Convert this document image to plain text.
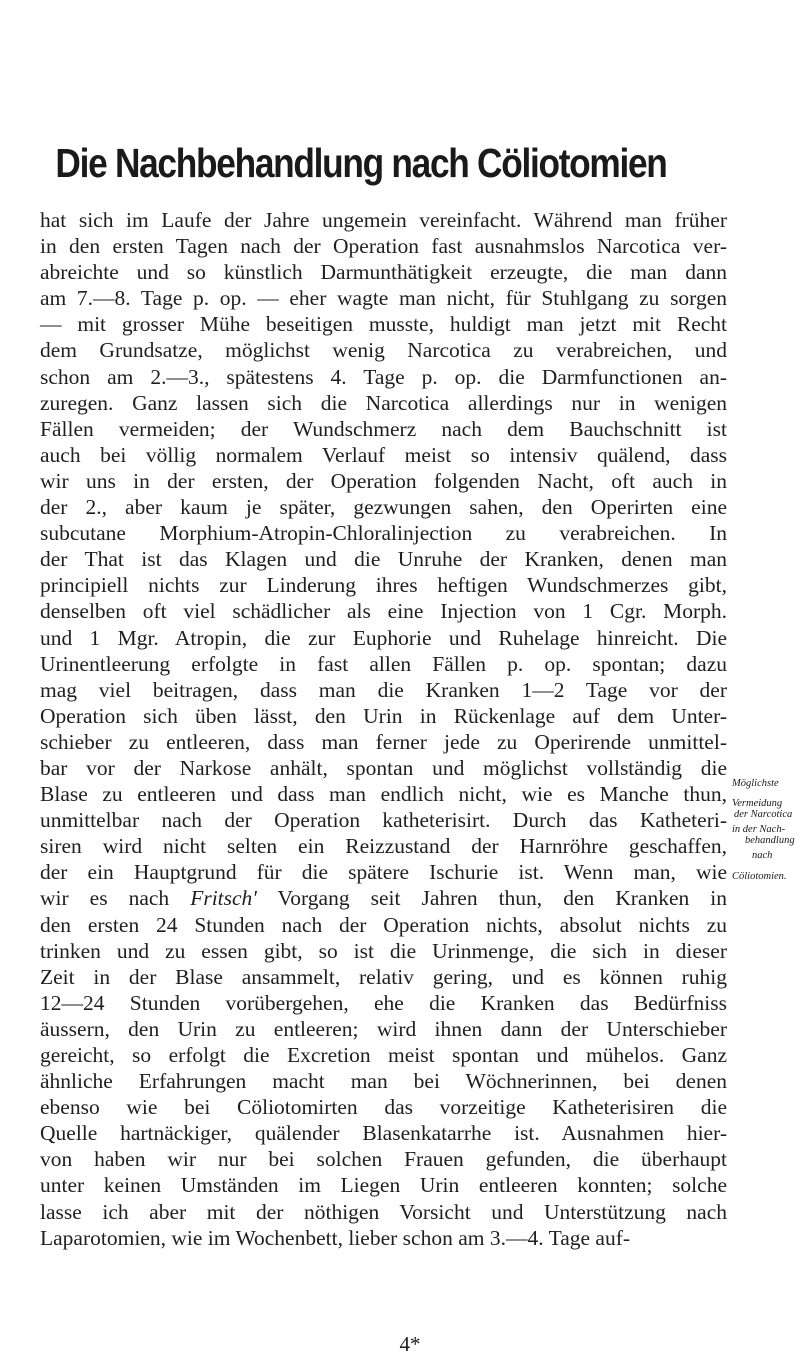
Die Nachbehandlung nach Cöliotomien
hat sich im Laufe der Jahre ungemein vereinfacht. Während man früher
in den ersten Tagen nach der Operation fast ausnahmslos Narcotica ver-
abreichte und so künstlich Darmunthätigkeit erzeugte, die man dann
am 7.—8. Tage p. op. — eher wagte man nicht, für Stuhlgang zu sorgen
— mit grosser Mühe beseitigen musste, huldigt man jetzt mit Recht
dem Grundsatze, möglichst wenig Narcotica zu verabreichen, und
schon am 2.—3., spätestens 4. Tage p. op. die Darmfunctionen an-
zuregen. Ganz lassen sich die Narcotica allerdings nur in wenigen
Fällen vermeiden; der Wundschmerz nach dem Bauchschnitt ist
auch bei völlig normalem Verlauf meist so intensiv quälend, dass
wir uns in der ersten, der Operation folgenden Nacht, oft auch in
der 2., aber kaum je später, gezwungen sahen, den Operirten eine
subcutane Morphium-Atropin-Chloralinjection zu verabreichen. In
der That ist das Klagen und die Unruhe der Kranken, denen man
principiell nichts zur Linderung ihres heftigen Wundschmerzes gibt,
denselben oft viel schädlicher als eine Injection von 1 Cgr. Morph.
und 1 Mgr. Atropin, die zur Euphorie und Ruhelage hinreicht. Die
Urinentleerung erfolgte in fast allen Fällen p. op. spontan; dazu
mag viel beitragen, dass man die Kranken 1—2 Tage vor der
Operation sich üben lässt, den Urin in Rückenlage auf dem Unter-
schieber zu entleeren, dass man ferner jede zu Operirende unmittel-
bar vor der Narkose anhält, spontan und möglichst vollständig die
Blase zu entleeren und dass man endlich nicht, wie es Manche thun,
unmittelbar nach der Operation katheterisirt. Durch das Katheteri-
siren wird nicht selten ein Reizzustand der Harnröhre geschaffen,
der ein Hauptgrund für die spätere Ischurie ist. Wenn man, wie
wir es nach Fritsch' Vorgang seit Jahren thun, den Kranken in
den ersten 24 Stunden nach der Operation nichts, absolut nichts zu
trinken und zu essen gibt, so ist die Urinmenge, die sich in dieser
Zeit in der Blase ansammelt, relativ gering, und es können ruhig
12—24 Stunden vorübergehen, ehe die Kranken das Bedürfniss
äussern, den Urin zu entleeren; wird ihnen dann der Unterschieber
gereicht, so erfolgt die Excretion meist spontan und mühelos. Ganz
ähnliche Erfahrungen macht man bei Wöchnerinnen, bei denen
ebenso wie bei Cöliotomirten das vorzeitige Katheterisiren die
Quelle hartnäckiger, quälender Blasenkatarrhe ist. Ausnahmen hier-
von haben wir nur bei solchen Frauen gefunden, die überhaupt
unter keinen Umständen im Liegen Urin entleeren konnten; solche
lasse ich aber mit der nöthigen Vorsicht und Unterstützung nach
Laparotomien, wie im Wochenbett, lieber schon am 3.—4. Tage auf-
Möglichste
Vermeidung
der Narcotica
in der Nach-
behandlung
nach
Cöliotomien.
4*
